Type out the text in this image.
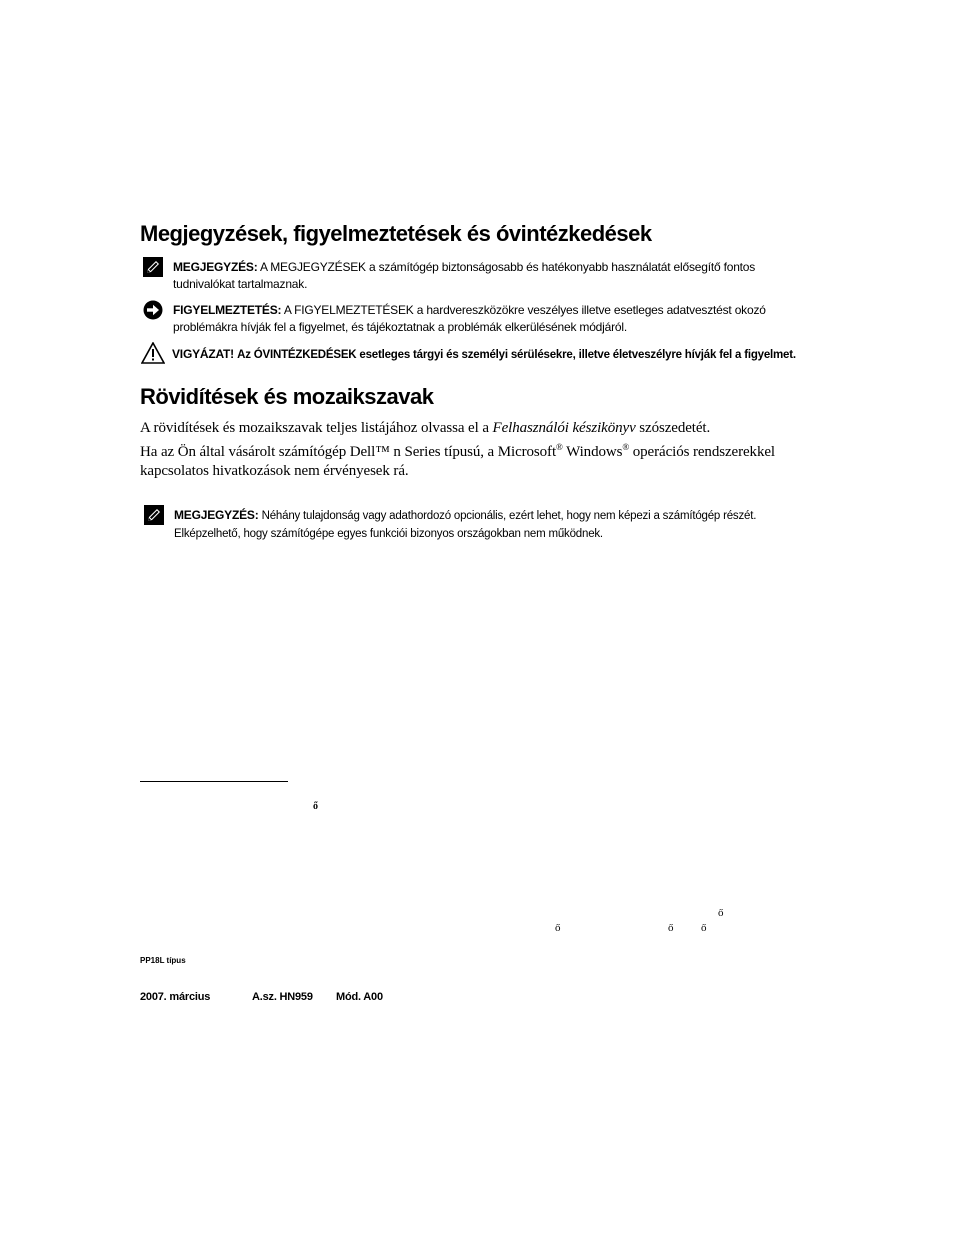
Megjegyzések, figyelmeztetések és óvintézkedések
MEGJEGYZÉS: A MEGJEGYZÉSEK a számítógép biztonságosabb és hatékonyabb használatát elősegítő fontos tudnivalókat tartalmaznak.
FIGYELMEZTETÉS: A FIGYELMEZTETÉSEK a hardvereszközökre veszélyes illetve esetleges adatvesztést okozó problémákra hívják fel a figyelmet, és tájékoztatnak a problémák elkerülésének módjáról.
VIGYÁZAT! Az ÓVINTÉZKEDÉSEK esetleges tárgyi és személyi sérülésekre, illetve életveszélyre hívják fel a figyelmet.
Rövidítések és mozaikszavak
A rövidítések és mozaikszavak teljes listájához olvassa el a Felhasználói készikönyv szószedetét.
Ha az Ön által vásárolt számítógép Dell™ n Series típusú, a Microsoft® Windows® operációs rendszerekkel kapcsolatos hivatkozások nem érvényesek rá.
MEGJEGYZÉS: Néhány tulajdonság vagy adathordozó opcionális, ezért lehet, hogy nem képezi a számítógép részét. Elképzelhető, hogy számítógépe egyes funkciói bizonyos országokban nem működnek.
ő
ő
ő	ő	ő
PP18L típus
2007. március	A.sz. HN959 Mód. A00
